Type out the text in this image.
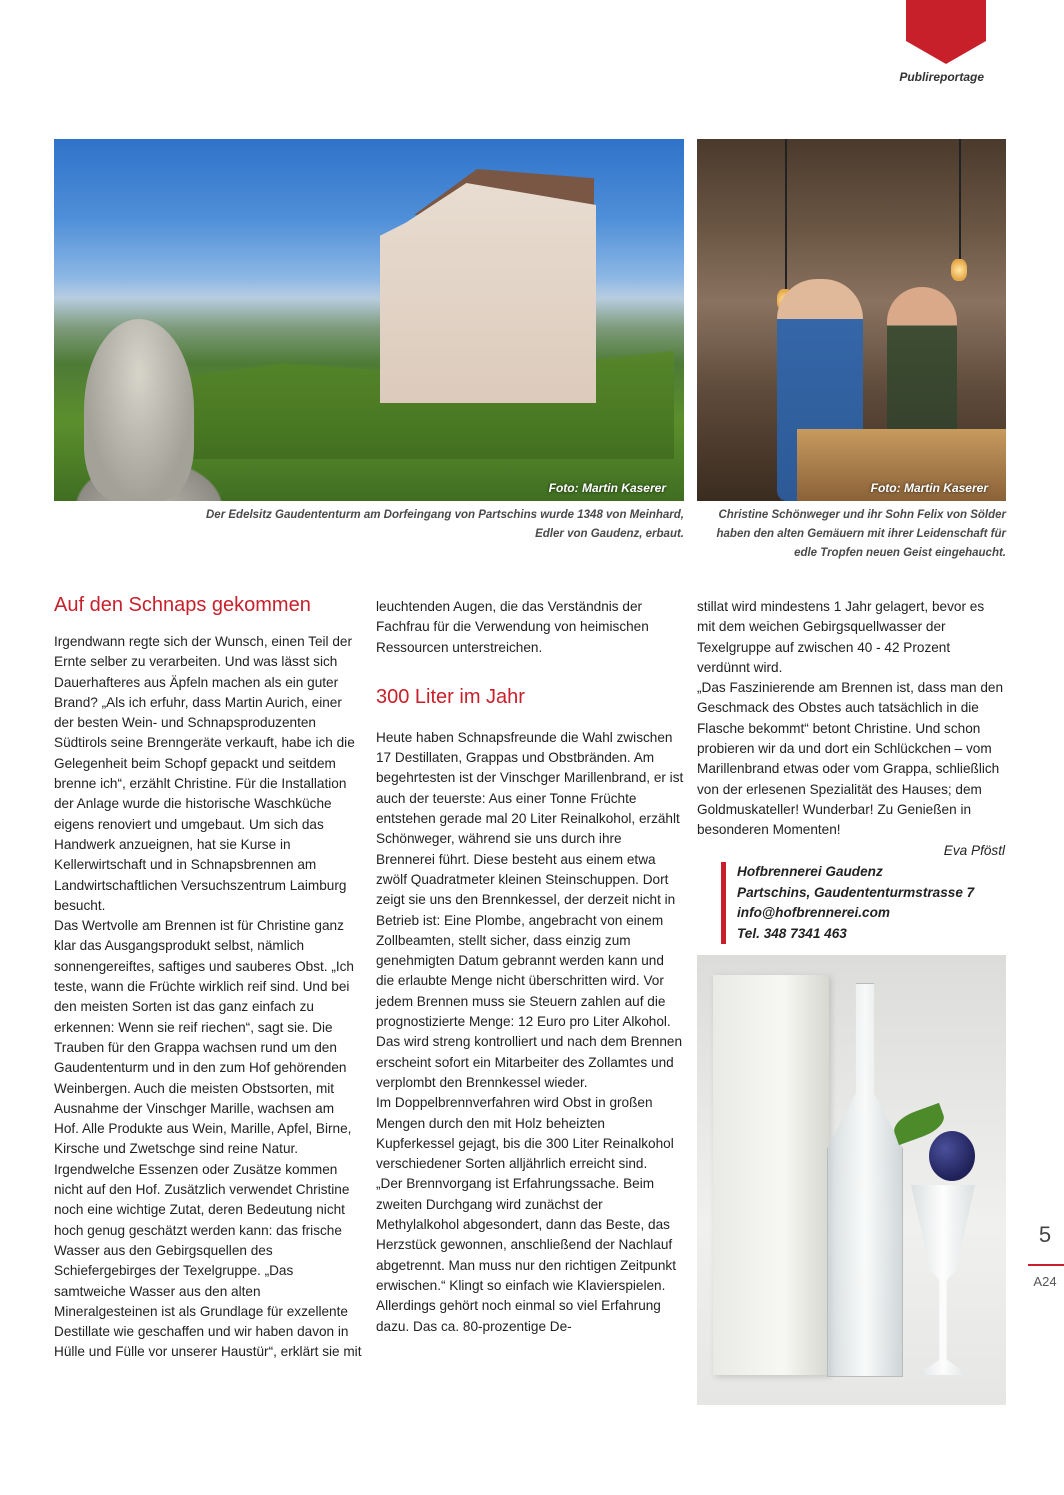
Publireportage
Foto: Martin Kaserer
Der Edelsitz Gaudententurm am Dorfeingang von Partschins wurde 1348 von Meinhard, Edler von Gaudenz, erbaut.
Foto: Martin Kaserer
Christine Schönweger und ihr Sohn Felix von Sölder haben den alten Gemäuern mit ihrer Leidenschaft für edle Tropfen neuen Geist eingehaucht.
Auf den Schnaps gekommen

Irgendwann regte sich der Wunsch, einen Teil der Ernte selber zu verarbeiten. Und was lässt sich Dauerhafteres aus Äpfeln machen als ein guter Brand? „Als ich erfuhr, dass Martin Aurich, einer der besten Wein- und Schnapsproduzenten Südtirols seine Brenngeräte verkauft, habe ich die Gelegenheit beim Schopf gepackt und seitdem brenne ich“, erzählt Christine. Für die Installation der Anlage wurde die historische Waschküche eigens renoviert und umgebaut. Um sich das Handwerk anzueignen, hat sie Kurse in Kellerwirtschaft und in Schnapsbrennen am Landwirtschaftlichen Versuchszentrum Laimburg besucht.

Das Wertvolle am Brennen ist für Christine ganz klar das Ausgangsprodukt selbst, nämlich sonnengereiftes, saftiges und sauberes Obst. „Ich teste, wann die Früchte wirklich reif sind. Und bei den meisten Sorten ist das ganz einfach zu erkennen: Wenn sie reif riechen“, sagt sie. Die Trauben für den Grappa wachsen rund um den Gaudententurm und in den zum Hof gehörenden Weinbergen. Auch die meisten Obstsorten, mit Ausnahme der Vinschger Marille, wachsen am Hof. Alle Produkte aus Wein, Marille, Apfel, Birne, Kirsche und Zwetschge sind reine Natur. Irgendwelche Essenzen oder Zusätze kommen nicht auf den Hof. Zusätzlich verwendet Christine noch eine wichtige Zutat, deren Bedeutung nicht hoch genug geschätzt werden kann: das frische Wasser aus den Gebirgsquellen des Schiefergebirges der Texelgruppe. „Das samtweiche Wasser aus den alten Mineralgesteinen ist als Grundlage für exzellente Destillate wie geschaffen und wir haben davon in Hülle und Fülle vor unserer Haustür“, erklärt sie mit

leuchtenden Augen, die das Verständnis der Fachfrau für die Verwendung von heimischen Ressourcen unterstreichen.

300 Liter im Jahr

Heute haben Schnapsfreunde die Wahl zwischen 17 Destillaten, Grappas und Obstbränden. Am begehrtesten ist der Vinschger Marillenbrand, er ist auch der teuerste: Aus einer Tonne Früchte entstehen gerade mal 20 Liter Reinalkohol, erzählt Schönweger, während sie uns durch ihre Brennerei führt. Diese besteht aus einem etwa zwölf Quadratmeter kleinen Steinschuppen. Dort zeigt sie uns den Brennkessel, der derzeit nicht in Betrieb ist: Eine Plombe, angebracht von einem Zollbeamten, stellt sicher, dass einzig zum genehmigten Datum gebrannt werden kann und die erlaubte Menge nicht überschritten wird. Vor jedem Brennen muss sie Steuern zahlen auf die prognostizierte Menge: 12 Euro pro Liter Alkohol. Das wird streng kontrolliert und nach dem Brennen erscheint sofort ein Mitarbeiter des Zollamtes und verplombt den Brennkessel wieder.

Im Doppelbrennverfahren wird Obst in großen Mengen durch den mit Holz beheizten Kupferkessel gejagt, bis die 300 Liter Reinalkohol verschiedener Sorten alljährlich erreicht sind.

„Der Brennvorgang ist Erfahrungssache. Beim zweiten Durchgang wird zunächst der Methylalkohol abgesondert, dann das Beste, das Herzstück gewonnen, anschließend der Nachlauf abgetrennt. Man muss nur den richtigen Zeitpunkt erwischen.“ Klingt so einfach wie Klavierspielen. Allerdings gehört noch einmal so viel Erfahrung dazu. Das ca. 80-prozentige De-

stillat wird mindestens 1 Jahr gelagert, bevor es mit dem weichen Gebirgsquellwasser der Texelgruppe auf zwischen 40 - 42 Prozent verdünnt wird.

„Das Faszinierende am Brennen ist, dass man den Geschmack des Obstes auch tatsächlich in die Flasche bekommt“ betont Christine. Und schon probieren wir da und dort ein Schlückchen – vom Marillenbrand etwas oder vom Grappa, schließlich von der erlesenen Spezialität des Hauses; dem Goldmuskateller! Wunderbar! Zu Genießen in besonderen Momenten!

Eva Pföstl

Hofbrennerei Gaudenz
Partschins, Gaudententurmstrasse 7
info@hofbrennerei.com
Tel. 348 7341 463
5
A24
